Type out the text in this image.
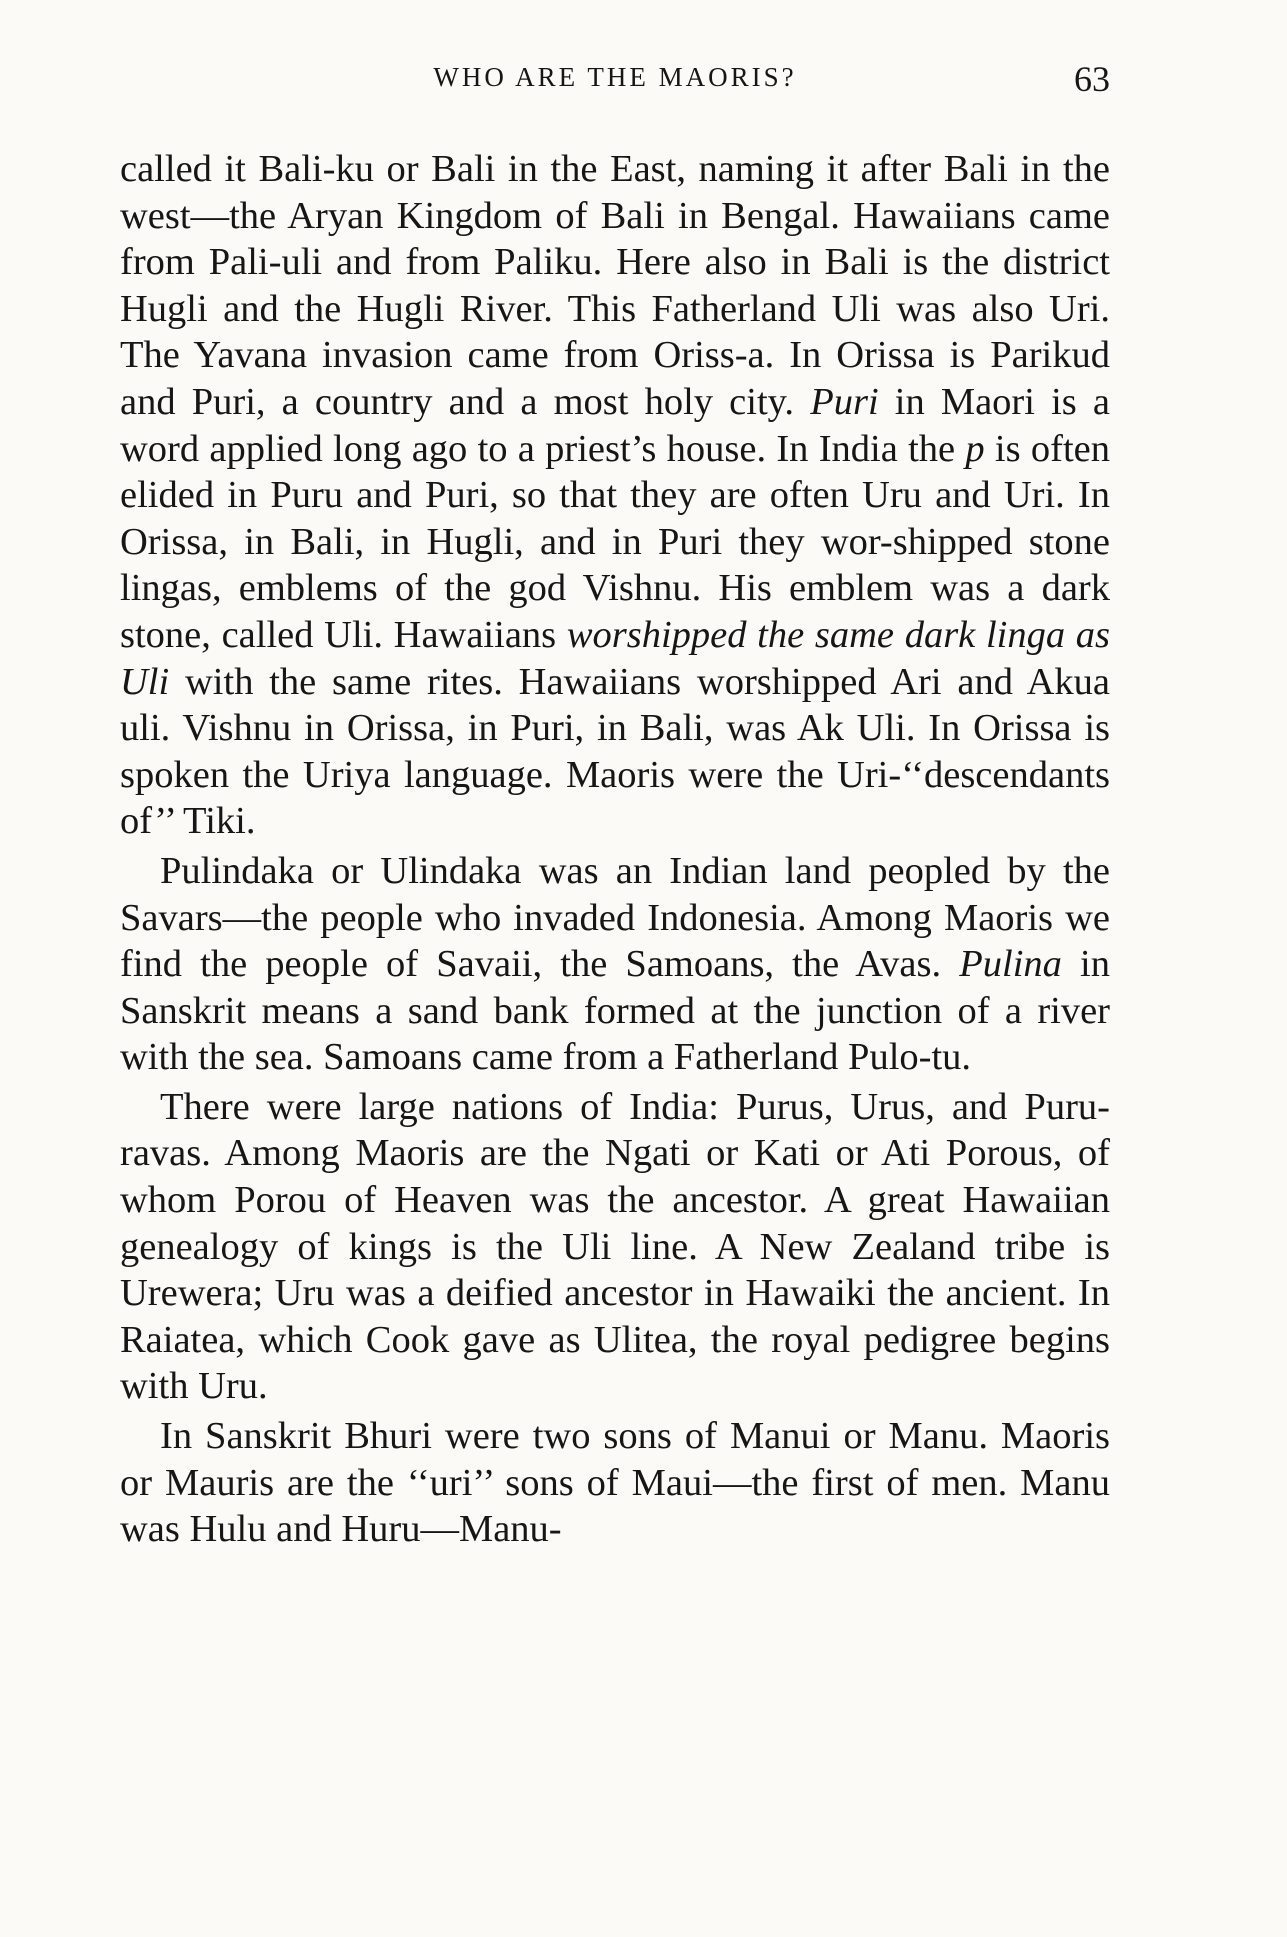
WHO ARE THE MAORIS?	63

called it Bali-ku or Bali in the East, naming it after Bali in the west—the Aryan Kingdom of Bali in Bengal. Hawaiians came from Pali-uli and from Paliku. Here also in Bali is the district Hugli and the Hugli River. This Fatherland Uli was also Uri. The Yavana invasion came from Oriss-a. In Orissa is Parikud and Puri, a country and a most holy city. Puri in Maori is a word applied long ago to a priest’s house. In India the p is often elided in Puru and Puri, so that they are often Uru and Uri. In Orissa, in Bali, in Hugli, and in Puri they wor-shipped stone lingas, emblems of the god Vishnu. His emblem was a dark stone, called Uli. Hawaiians worshipped the same dark linga as Uli with the same rites. Hawaiians worshipped Ari and Akua uli. Vishnu in Orissa, in Puri, in Bali, was Ak Uli. In Orissa is spoken the Uriya language. Maoris were the Uri-‘‘descendants of’’ Tiki.

Pulindaka or Ulindaka was an Indian land peopled by the Savars—the people who invaded Indonesia. Among Maoris we find the people of Savaii, the Samoans, the Avas. Pulina in Sanskrit means a sand bank formed at the junction of a river with the sea. Samoans came from a Fatherland Pulo-tu.

There were large nations of India: Purus, Urus, and Puru-ravas. Among Maoris are the Ngati or Kati or Ati Porous, of whom Porou of Heaven was the ancestor. A great Hawaiian genealogy of kings is the Uli line. A New Zealand tribe is Urewera; Uru was a deified ancestor in Hawaiki the ancient. In Raiatea, which Cook gave as Ulitea, the royal pedigree begins with Uru.

In Sanskrit Bhuri were two sons of Manui or Manu. Maoris or Mauris are the ‘‘uri’’ sons of Maui—the first of men. Manu was Hulu and Huru—Manu-
